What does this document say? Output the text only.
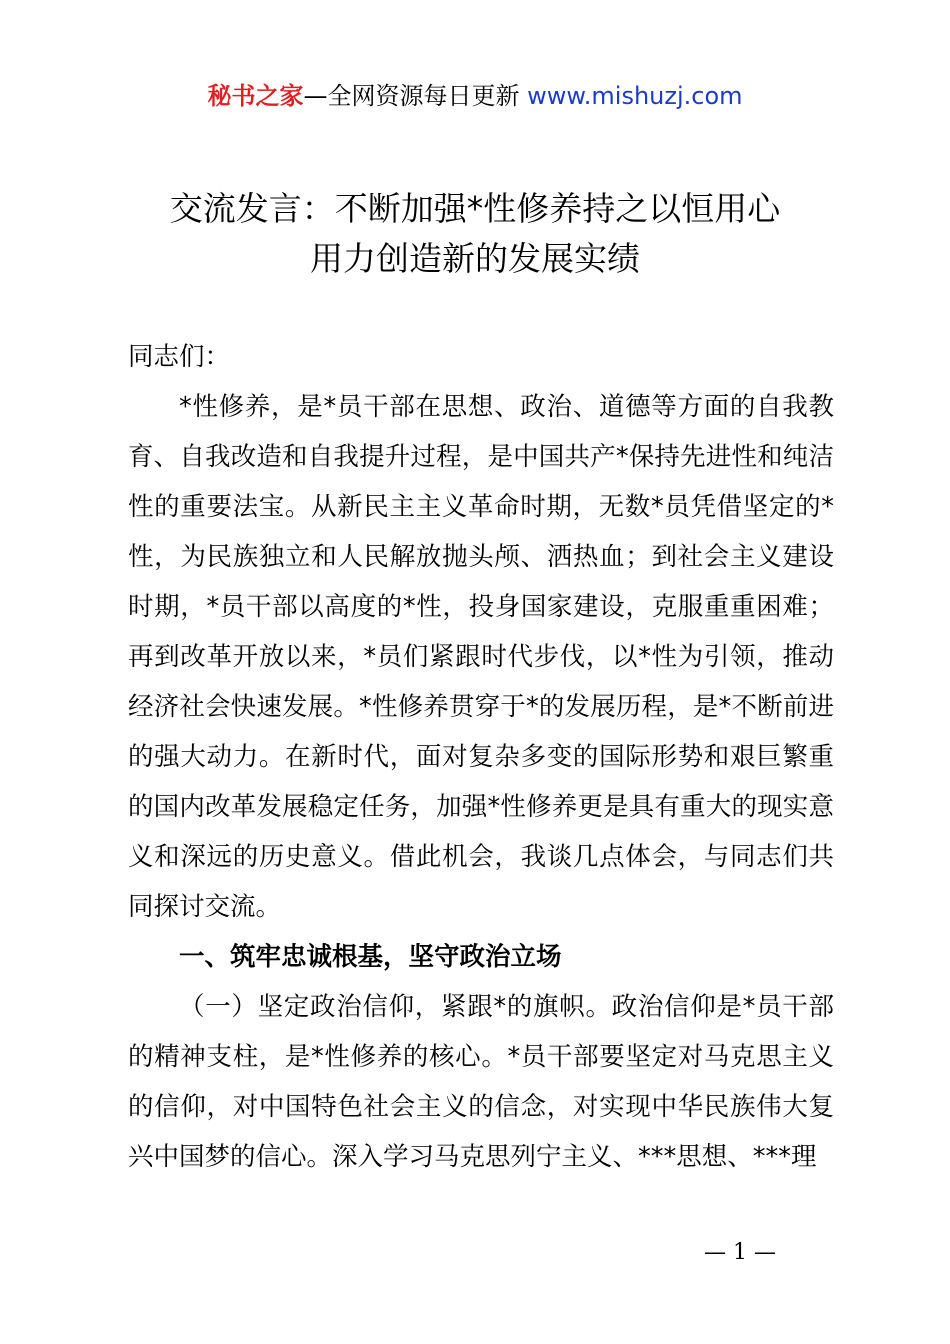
秘书之家—全网资源每日更新 www.mishuzj.com
交流发言：不断加强*性修养持之以恒用心
用力创造新的发展实绩

同志们：

*性修养，是*员干部在思想、政治、道德等方面的自我教育、自我改造和自我提升过程，是中国共产*保持先进性和纯洁性的重要法宝。从新民主主义革命时期，无数*员凭借坚定的*性，为民族独立和人民解放抛头颅、洒热血；到社会主义建设时期，*员干部以高度的*性，投身国家建设，克服重重困难；再到改革开放以来，*员们紧跟时代步伐，以*性为引领，推动经济社会快速发展。*性修养贯穿于*的发展历程，是*不断前进的强大动力。在新时代，面对复杂多变的国际形势和艰巨繁重的国内改革发展稳定任务，加强*性修养更是具有重大的现实意义和深远的历史意义。借此机会，我谈几点体会，与同志们共同探讨交流。

一、筑牢忠诚根基，坚守政治立场

（一）坚定政治信仰，紧跟*的旗帜。政治信仰是*员干部的精神支柱，是*性修养的核心。*员干部要坚定对马克思主义的信仰，对中国特色社会主义的信念，对实现中华民族伟大复兴中国梦的信心。深入学习马克思列宁主义、***思想、***理

— 1 —
